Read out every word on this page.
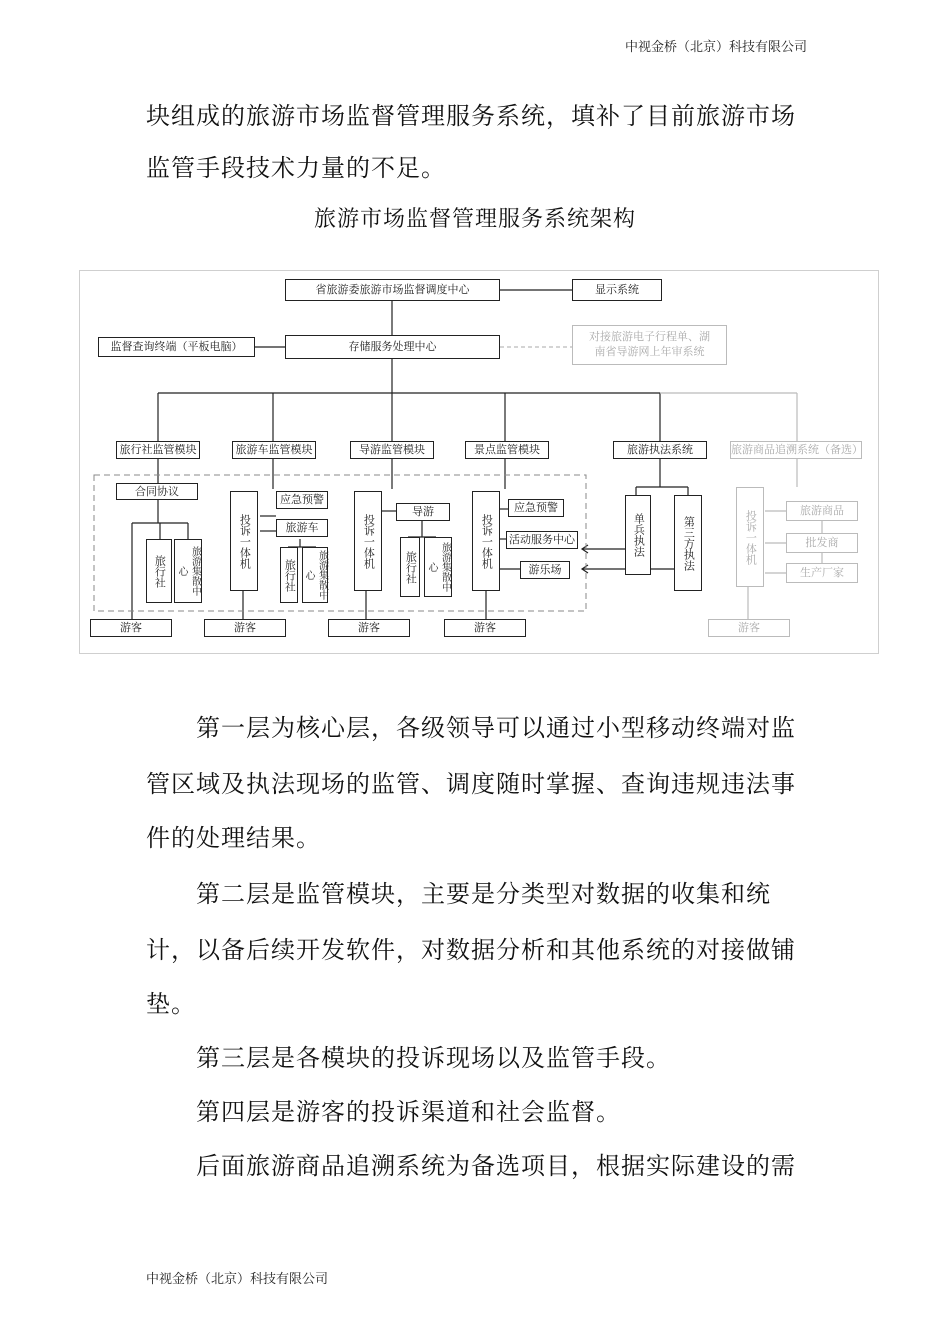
中视金桥（北京）科技有限公司
块组成的旅游市场监督管理服务系统，填补了目前旅游市场
监管手段技术力量的不足。
旅游市场监督管理服务系统架构
省旅游委旅游市场监督调度中心	显示系统
监督查询终端（平板电脑）	存储服务处理中心
对接旅游电子行程单、湖
南省导游网上年审系统
旅行社监管模块	旅游车监管模块	导游监管模块	景点监管模块	旅游执法系统	旅游商品追溯系统（备选）
合同协议
旅行社	旅游集散中心
投诉一体机
应急预警
旅游车
旅行社	旅游集散中心
投诉一体机
导游
旅行社	旅游集散中心	投诉一体机
应急预警
活动服务中心
游乐场
单兵执法	第三方执法	投诉一体机	旅游商品
批发商
生产厂家
游客	游客	游客	游客	游客
第一层为核心层，各级领导可以通过小型移动终端对监
管区域及执法现场的监管、调度随时掌握、查询违规违法事
件的处理结果。
第二层是监管模块，主要是分类型对数据的收集和统
计，以备后续开发软件，对数据分析和其他系统的对接做铺
垫。
第三层是各模块的投诉现场以及监管手段。
第四层是游客的投诉渠道和社会监督。
后面旅游商品追溯系统为备选项目，根据实际建设的需
中视金桥（北京）科技有限公司
